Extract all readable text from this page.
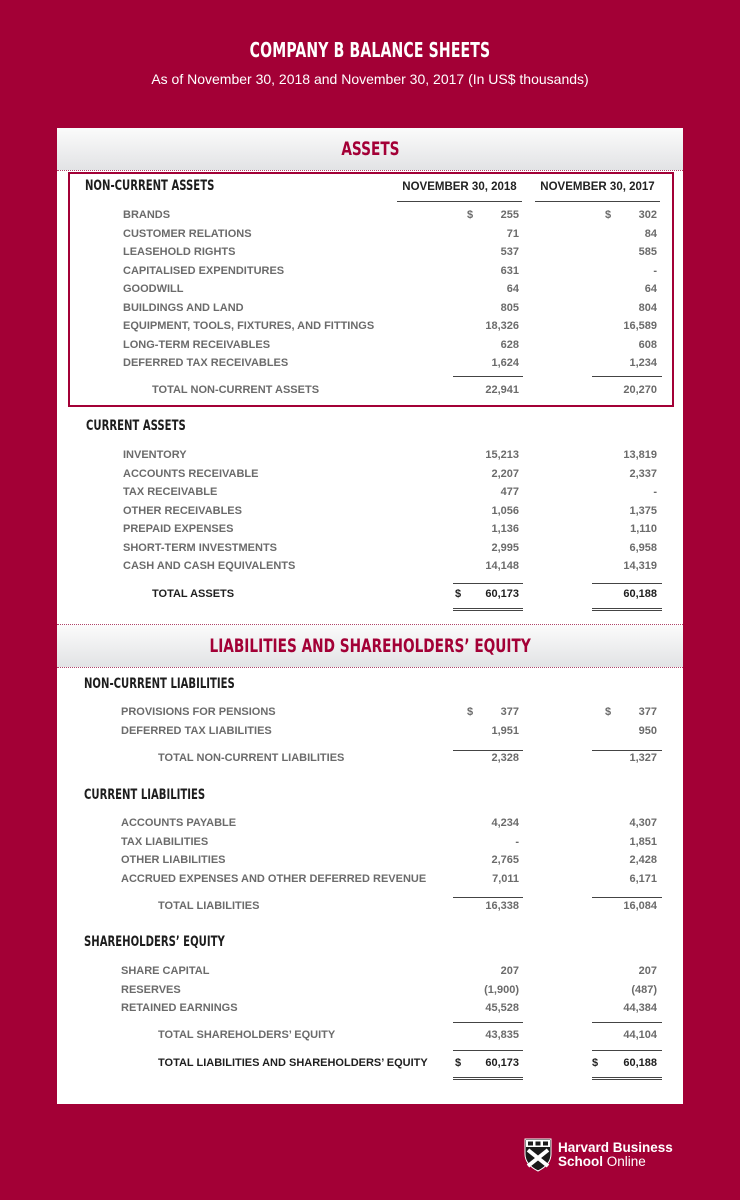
COMPANY B BALANCE SHEETS
As of November 30, 2018 and November 30, 2017 (In US$ thousands)
ASSETS
NON-CURRENT ASSETS	NOVEMBER 30, 2018	NOVEMBER 30, 2017
BRANDS	$	255	$	302
CUSTOMER RELATIONS	71	84
LEASEHOLD RIGHTS	537	585
CAPITALISED EXPENDITURES	631	-
GOODWILL	64	64
BUILDINGS AND LAND	805	804
EQUIPMENT, TOOLS, FIXTURES, AND FITTINGS	18,326	16,589
LONG-TERM RECEIVABLES	628	608
DEFERRED TAX RECEIVABLES	1,624	1,234
TOTAL NON-CURRENT ASSETS	22,941	20,270
CURRENT ASSETS
INVENTORY	15,213	13,819
ACCOUNTS RECEIVABLE	2,207	2,337
TAX RECEIVABLE	477	-
OTHER RECEIVABLES	1,056	1,375
PREPAID EXPENSES	1,136	1,110
SHORT-TERM INVESTMENTS	2,995	6,958
CASH AND CASH EQUIVALENTS	14,148	14,319
TOTAL ASSETS	$	60,173	60,188
LIABILITIES AND SHAREHOLDERS’ EQUITY
NON-CURRENT LIABILITIES
PROVISIONS FOR PENSIONS	$	377	$	377
DEFERRED TAX LIABILITIES	1,951	950
TOTAL NON-CURRENT LIABILITIES	2,328	1,327
CURRENT LIABILITIES
ACCOUNTS PAYABLE	4,234	4,307
TAX LIABILITIES	-	1,851
OTHER LIABILITIES	2,765	2,428
ACCRUED EXPENSES AND OTHER DEFERRED REVENUE	7,011	6,171
TOTAL LIABILITIES	16,338	16,084
SHAREHOLDERS’ EQUITY
SHARE CAPITAL	207	207
RESERVES	(1,900)	(487)
RETAINED EARNINGS	45,528	44,384
TOTAL SHAREHOLDERS’ EQUITY	43,835	44,104
TOTAL LIABILITIES AND SHAREHOLDERS’ EQUITY $	60,173	$	60,188
Harvard Business
School Online
